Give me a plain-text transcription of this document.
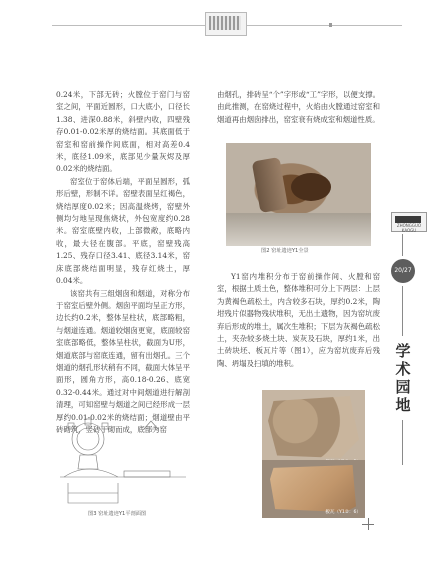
ZHONGGUO KAOGU
20/27
学
术
园
地

0.24米，下部无砖；火膛位于窑门与窑室之间，平面近圆形，口大底小，口径长1.38、进深0.88米，斜壁内收，四壁残存0.01-0.02米厚的烧结面。其底面低于窑室和窑前操作间底面，相对高差0.4米，底径1.09米，底部见少量灰烬及厚0.02米的烧结面。

窑室位于窑体后端，平面呈圆形，弧形后壁，形制不详。窑壁表面呈红褐色，烧结厚度0.02米；因高温烧烤，窑壁外侧均匀地呈现焦烧状，外包宽度约0.28米。窑室底壁内收，上部微敞，底略内收，最大径在腹部。平底，窑壁残高1.25、残存口径3.41、底径3.14米，窑床底部烧结面明显，残存红烧土，厚0.04米。

该窑共有三组烟囱和烟道，对称分布于窑室后壁外侧。烟囱平面均呈正方形，边长约0.2米，整体呈柱状，底部略粗，与烟道连通。烟道较烟囱更宽，底面较窑室底部略低，整体呈柱状，截面为U形，烟道底部与窑底连通，留有出烟孔。三个烟道的烟孔形状稍有不同，截面大体呈平面形，圆角方形，高0.18-0.26、底宽0.32-0.44米。通过对中间烟道进行解剖清理，可知窑壁与烟道之间已经形成一层厚约0.01-0.02米的烧结面；烟道壁由平砖砌筑，竖砖丁砌而成，底部为窑

由烟孔，排砖呈“个”字形或“工”字形，以便支撑。由此推测，在窑烧过程中，火焰由火膛通过窑室和烟道再由烟囱排出，窑室衰有烧成室和烟道性质。

图2 窑址遗迹Y1全景

Y1窑内堆积分布于窑前操作间、火膛和窑室，根据土质土色，整体堆积可分上下两层：上层为黄褐色疏松土，内含较多石块，厚约0.2米，陶坩残片似器物残状堆积，无出土遗物，因为窑坑废弃后形成的堆土，属次生堆积；下层为灰褐色疏松土，夹杂较多烧土块、炭灰及石块，厚约1米，出土砖块坯、板瓦片等（图1），应为窑坑废弃后残陶、坍塌及扫填的堆积。

图3 窑址遗迹Y1平剖面图	板瓦（Y1②：6）
